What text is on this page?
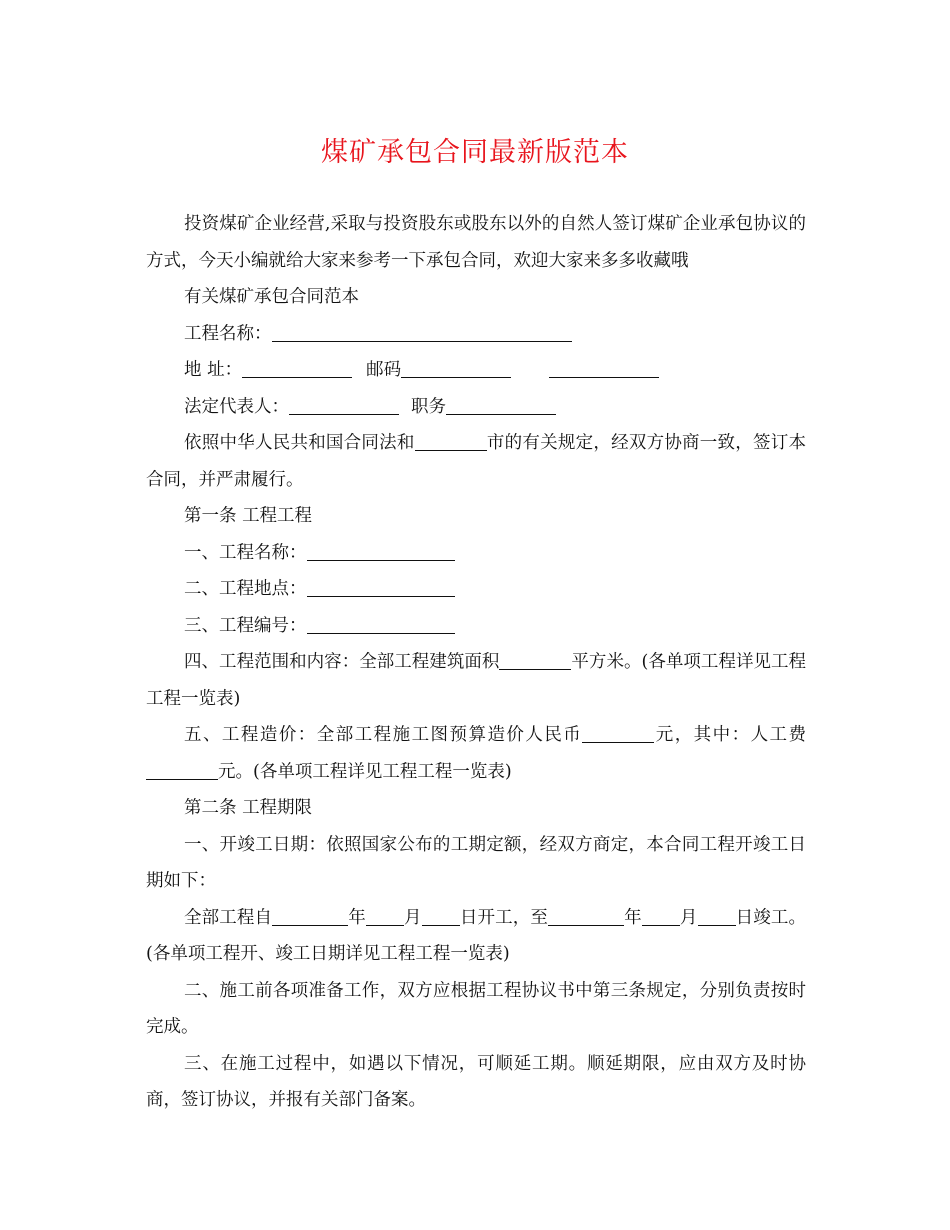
煤矿承包合同最新版范本

投资煤矿企业经营,采取与投资股东或股东以外的自然人签订煤矿企业承包协议的方式，今天小编就给大家来参考一下承包合同，欢迎大家来多多收藏哦

有关煤矿承包合同范本

工程名称：

地 址：	邮码

法定代表人：	职务

依照中华人民共和国合同法和	市的有关规定，经双方协商一致，签订本合同，并严肃履行。

第一条 工程工程

一、工程名称：

二、工程地点：

三、工程编号：

四、工程范围和内容：全部工程建筑面积	平方米。(各单项工程详见工程工程一览表)

五、工程造价：全部工程施工图预算造价人民币	元，其中：人工费元。(各单项工程详见工程工程一览表)

第二条 工程期限

一、开竣工日期：依照国家公布的工期定额，经双方商定，本合同工程开竣工日期如下：

全部工程自	年 月 日开工，至	年 月 日竣工。(各单项工程开、竣工日期详见工程工程一览表)

二、施工前各项准备工作，双方应根据工程协议书中第三条规定，分别负责按时完成。

三、在施工过程中，如遇以下情况，可顺延工期。顺延期限，应由双方及时协商，签订协议，并报有关部门备案。
